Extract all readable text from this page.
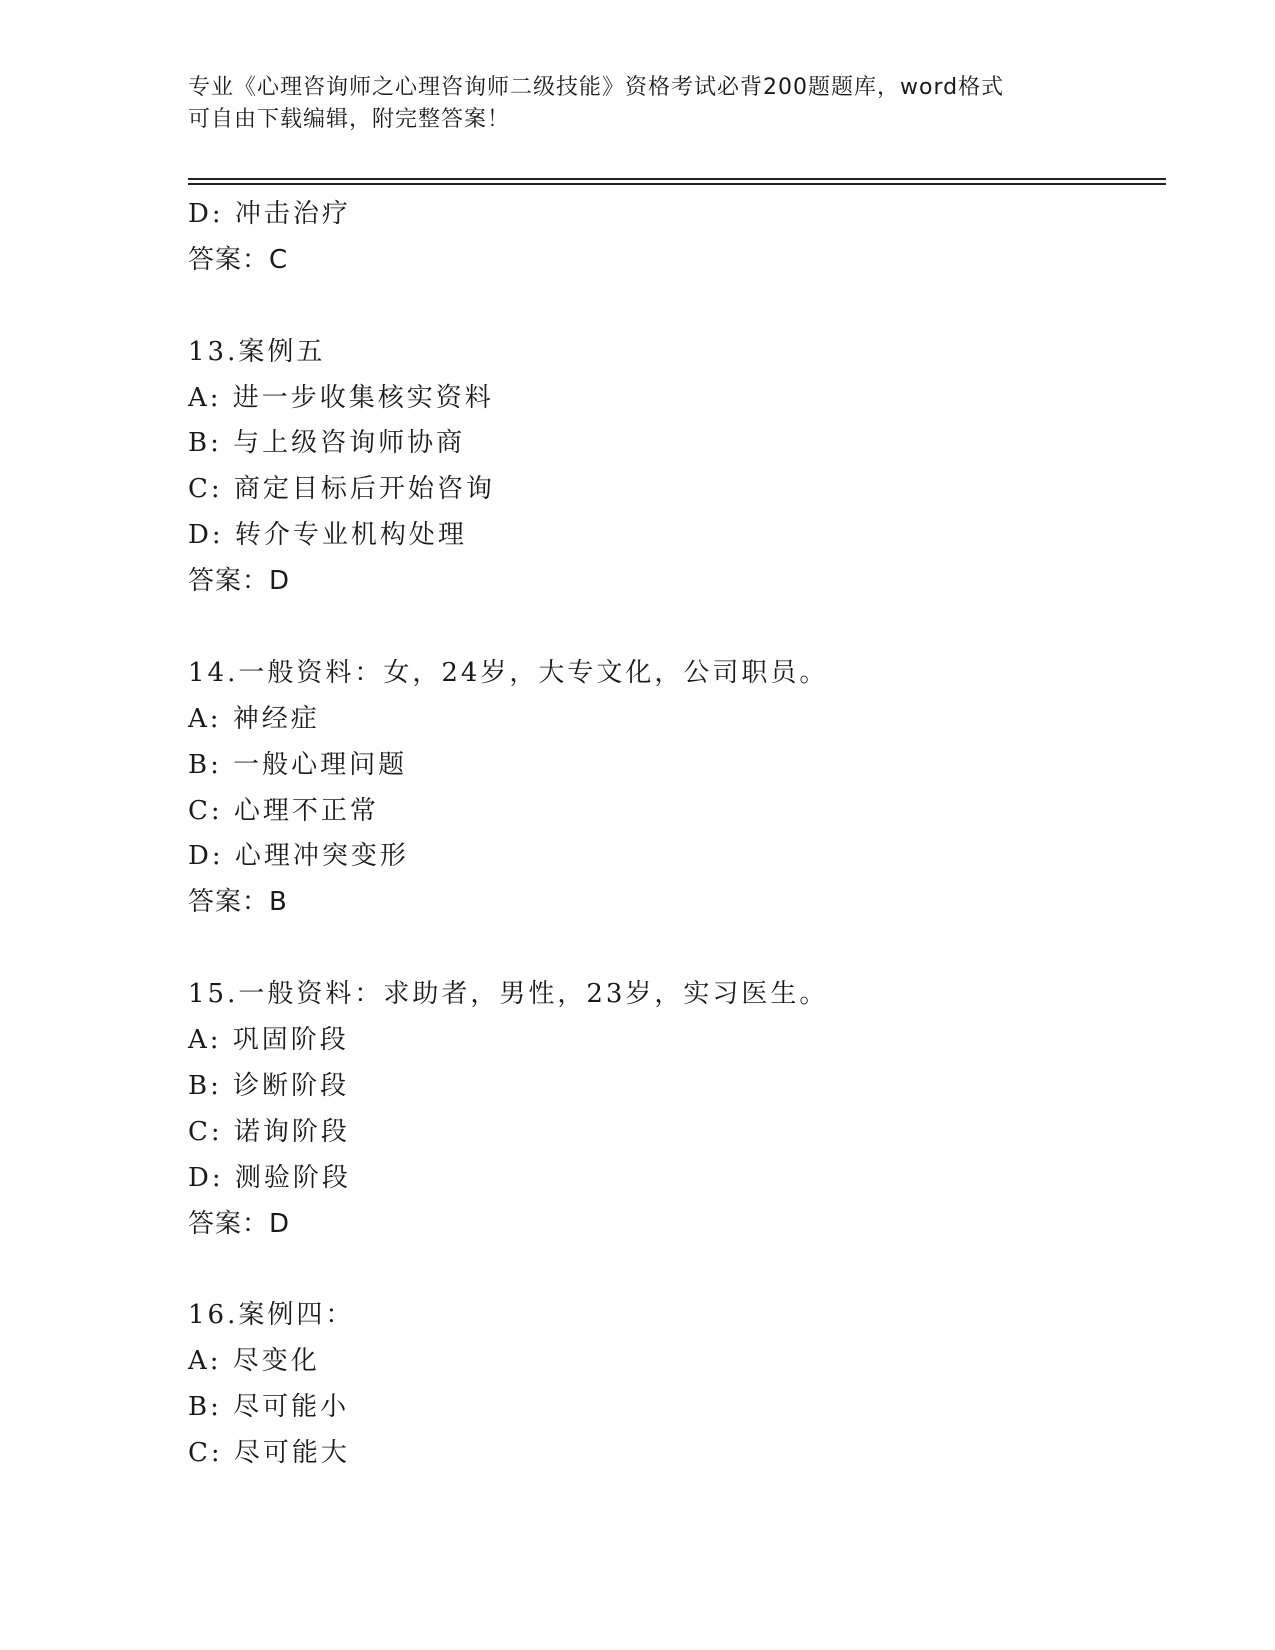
专业《心理咨询师之心理咨询师二级技能》资格考试必背200题题库，word格式
可自由下载编辑，附完整答案！
D: 冲击治疗
答案：C
13.案例五
A: 进一步收集核实资料
B: 与上级咨询师协商
C: 商定目标后开始咨询
D: 转介专业机构处理
答案：D
14.一般资料：女，24岁，大专文化，公司职员。
A: 神经症
B: 一般心理问题
C: 心理不正常
D: 心理冲突变形
答案：B
15.一般资料：求助者，男性，23岁，实习医生。
A: 巩固阶段
B: 诊断阶段
C: 诺询阶段
D: 测验阶段
答案：D
16.案例四：
A: 尽变化
B: 尽可能小
C: 尽可能大
